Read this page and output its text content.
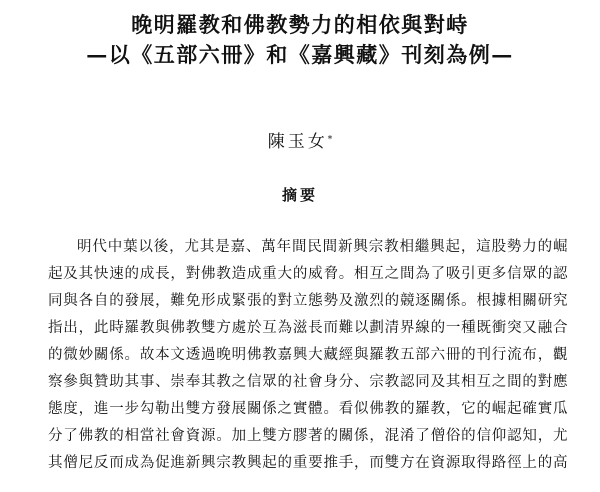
晚明羅教和佛教勢力的相依與對峙
—以《五部六冊》和《嘉興藏》刊刻為例—
陳玉女*
摘要
明代中葉以後，尤其是嘉、萬年間民間新興宗教相繼興起，這股勢力的崛
起及其快速的成長，對佛教造成重大的威脅。相互之間為了吸引更多信眾的認
同與各自的發展，難免形成緊張的對立態勢及激烈的競逐關係。根據相關研究
指出，此時羅教與佛教雙方處於互為滋長而難以劃清界線的一種既衝突又融合
的微妙關係。故本文透過晚明佛教嘉興大藏經與羅教五部六冊的刊行流布，觀
察參與贊助其事、崇奉其教之信眾的社會身分、宗教認同及其相互之間的對應
態度，進一步勾勒出雙方發展關係之實體。看似佛教的羅教，它的崛起確實瓜
分了佛教的相當社會資源。加上雙方膠著的關係，混淆了僧俗的信仰認知，尤
其僧尼反而成為促進新興宗教興起的重要推手，而雙方在資源取得路徑上的高
